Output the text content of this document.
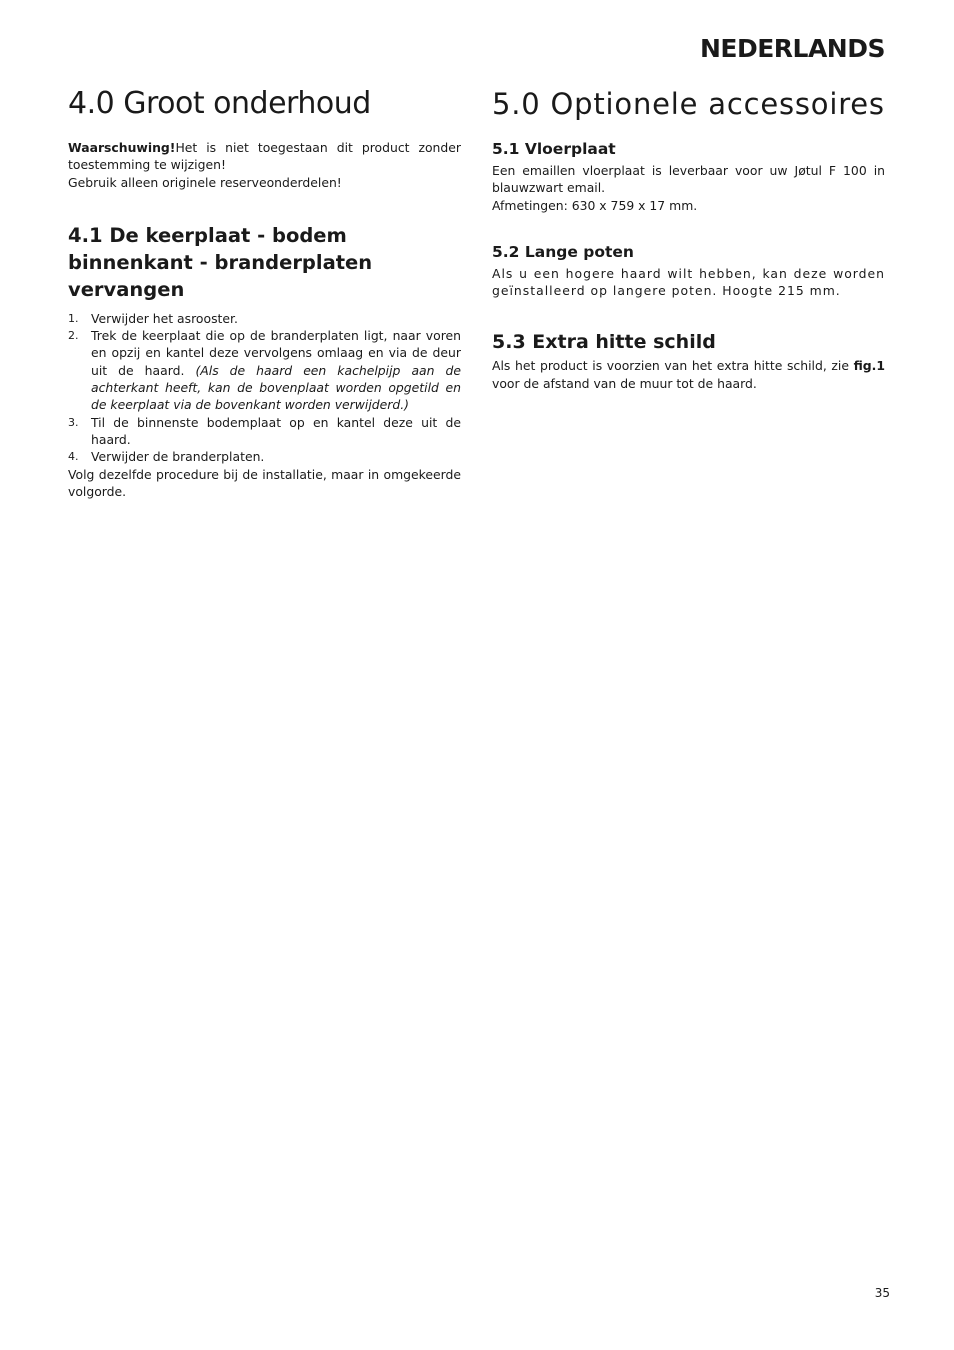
NEDERLANDS
4.0 Groot onderhoud

Waarschuwing!Het is niet toegestaan dit product zonder toestemming te wijzigen!

Gebruik alleen originele reserveonderdelen!

4.1 De keerplaat - bodem binnenkant - branderplaten vervangen
1.	Verwijder het asrooster.
2.	Trek de keerplaat die op de branderplaten ligt, naar voren en opzij en kantel deze vervolgens omlaag en via de deur uit de haard. (Als de haard een kachelpijp aan de achterkant heeft, kan de bovenplaat worden opgetild en de keerplaat via de bovenkant worden verwijderd.)
3.	Til de binnenste bodemplaat op en kantel deze uit de haard.
4.	Verwijder de branderplaten.

Volg dezelfde procedure bij de installatie, maar in omgekeerde volgorde.

5.0 Optionele accessoires
5.1 Vloerplaat

Een emaillen vloerplaat is leverbaar voor uw Jøtul F 100 in blauwzwart email.

Afmetingen: 630 x 759 x 17 mm.

5.2 Lange poten

Als u een hogere haard wilt hebben, kan deze worden geïnstalleerd op langere poten. Hoogte 215 mm.

5.3 Extra hitte schild

Als het product is voorzien van het extra hitte schild, zie fig.1 voor de afstand van de muur tot de haard.

35
